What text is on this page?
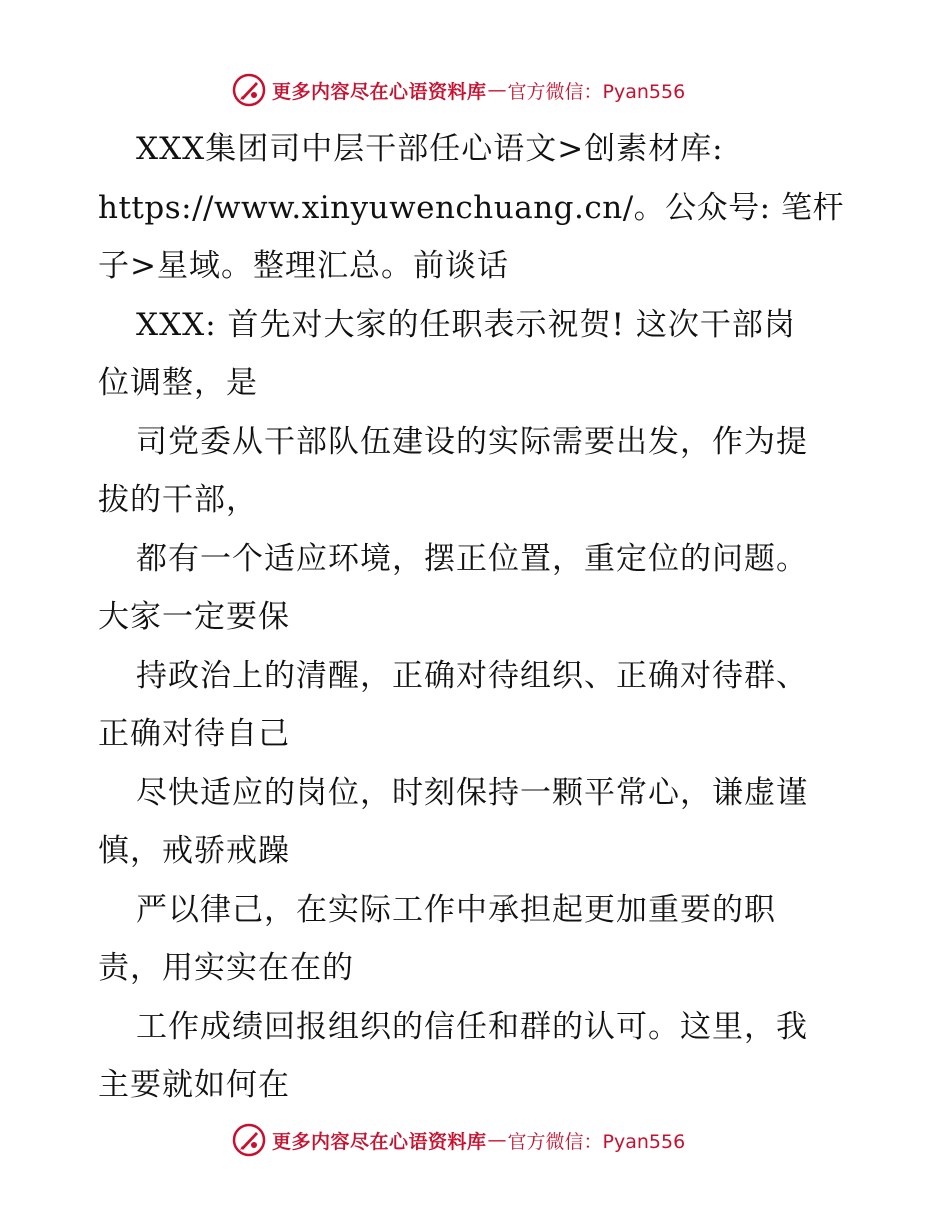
更多内容尽在心语资料库 — 官方微信：Pyan556
XXX集团司中层干部任心语文>创素材库:
https://www.xinyuwenchuang.cn/。公众号: 笔杆
子>星域。整理汇总。前谈话
XXX: 首先对大家的任职表示祝贺! 这次干部岗
位调整，是
司党委从干部队伍建设的实际需要出发，作为提
拔的干部，
都有一个适应环境，摆正位置，重定位的问题。
大家一定要保
持政治上的清醒，正确对待组织、正确对待群、
正确对待自己
尽快适应的岗位，时刻保持一颗平常心，谦虚谨
慎，戒骄戒躁
严以律己，在实际工作中承担起更加重要的职
责，用实实在在的
工作成绩回报组织的信任和群的认可。这里，我
主要就如何在
更多内容尽在心语资料库 — 官方微信：Pyan556
